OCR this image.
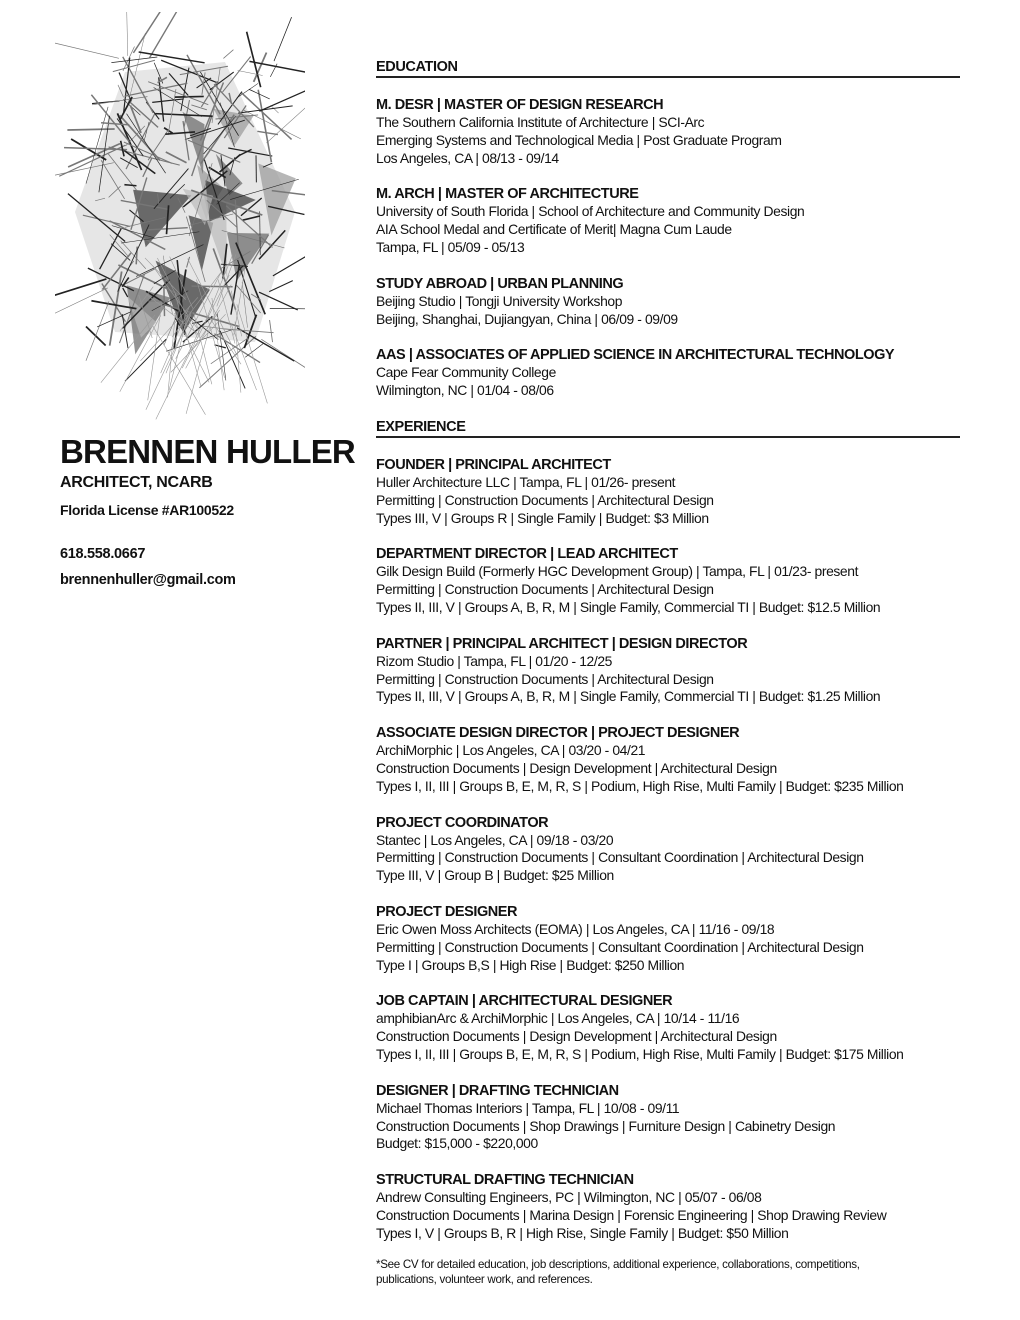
BRENNEN HULLER
ARCHITECT, NCARB
Florida License #AR100522
618.558.0667
brennenhuller@gmail.com
EDUCATION
M. DESR | MASTER OF DESIGN RESEARCH
The Southern California Institute of Architecture | SCI-Arc
Emerging Systems and Technological Media | Post Graduate Program
Los Angeles, CA | 08/13 - 09/14
M. ARCH | MASTER OF ARCHITECTURE
University of South Florida | School of Architecture and Community Design
AIA School Medal and Certificate of Merit| Magna Cum Laude
Tampa, FL | 05/09 - 05/13
STUDY ABROAD | URBAN PLANNING
Beijing Studio | Tongji University Workshop
Beijing, Shanghai, Dujiangyan, China | 06/09 - 09/09
AAS | ASSOCIATES OF APPLIED SCIENCE IN ARCHITECTURAL TECHNOLOGY
Cape Fear Community College
Wilmington, NC | 01/04 - 08/06
EXPERIENCE
FOUNDER | PRINCIPAL ARCHITECT
Huller Architecture LLC | Tampa, FL | 01/26- present
Permitting | Construction Documents | Architectural Design
Types III, V | Groups R | Single Family | Budget: $3 Million
DEPARTMENT DIRECTOR | LEAD ARCHITECT
Gilk Design Build (Formerly HGC Development Group) | Tampa, FL | 01/23- present
Permitting | Construction Documents | Architectural Design
Types II, III, V | Groups A, B, R, M | Single Family, Commercial TI | Budget: $12.5 Million
PARTNER | PRINCIPAL ARCHITECT | DESIGN DIRECTOR
Rizom Studio | Tampa, FL | 01/20 - 12/25
Permitting | Construction Documents | Architectural Design
Types II, III, V | Groups A, B, R, M | Single Family, Commercial TI | Budget: $1.25 Million
ASSOCIATE DESIGN DIRECTOR | PROJECT DESIGNER
ArchiMorphic | Los Angeles, CA | 03/20 - 04/21
Construction Documents | Design Development | Architectural Design
Types I, II, III | Groups B, E, M, R, S | Podium, High Rise, Multi Family | Budget: $235 Million
PROJECT COORDINATOR
Stantec | Los Angeles, CA | 09/18 - 03/20
Permitting | Construction Documents | Consultant Coordination | Architectural Design
Type III, V | Group B | Budget: $25 Million
PROJECT DESIGNER
Eric Owen Moss Architects (EOMA) | Los Angeles, CA | 11/16 - 09/18
Permitting | Construction Documents | Consultant Coordination | Architectural Design
Type I | Groups B,S | High Rise | Budget: $250 Million
JOB CAPTAIN | ARCHITECTURAL DESIGNER
amphibianArc & ArchiMorphic | Los Angeles, CA | 10/14 - 11/16
Construction Documents | Design Development | Architectural Design
Types I, II, III | Groups B, E, M, R, S | Podium, High Rise, Multi Family | Budget: $175 Million
DESIGNER | DRAFTING TECHNICIAN
Michael Thomas Interiors | Tampa, FL | 10/08 - 09/11
Construction Documents | Shop Drawings | Furniture Design | Cabinetry Design
Budget: $15,000 - $220,000
STRUCTURAL DRAFTING TECHNICIAN
Andrew Consulting Engineers, PC | Wilmington, NC | 05/07 - 06/08
Construction Documents | Marina Design | Forensic Engineering | Shop Drawing Review
Types I, V | Groups B, R | High Rise, Single Family | Budget: $50 Million
*See CV for detailed education, job descriptions, additional experience, collaborations, competitions,
publications, volunteer work, and references.
